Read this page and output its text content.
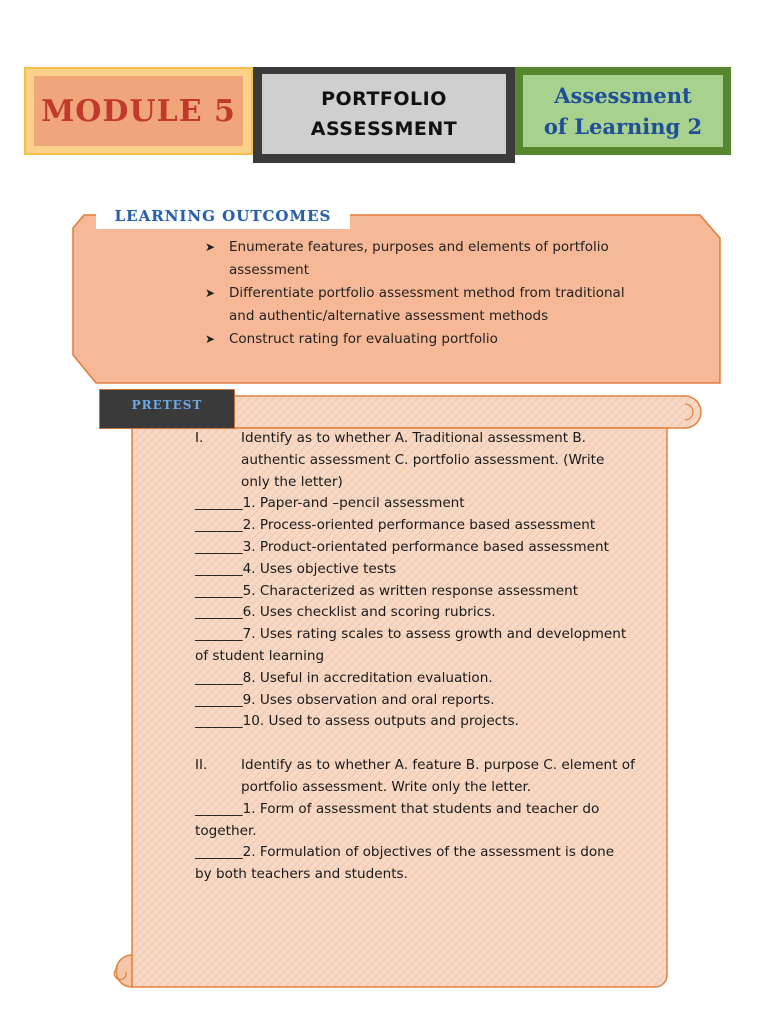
MODULE 5	PORTFOLIO
ASSESSMENT
Assessment
of Learning 2
LEARNING OUTCOMES
➤ Enumerate features, purposes and elements of portfolio assessment
➤ Differentiate portfolio assessment method from traditional and authentic/alternative assessment methods
➤ Construct rating for evaluating portfolio
PRETEST
I.	Identify as to whether A. Traditional assessment B. authentic assessment C. portfolio assessment. (Write only the letter)
_______1. Paper-and –pencil assessment
_______2. Process-oriented performance based assessment
_______3. Product-orientated performance based assessment
_______4. Uses objective tests
_______5. Characterized as written response assessment
_______6. Uses checklist and scoring rubrics.
_______7. Uses rating scales to assess growth and development of student learning
_______8. Useful in accreditation evaluation.
_______9. Uses observation and oral reports.
_______10. Used to assess outputs and projects.
II. Identify as to whether A. feature B. purpose C. element of portfolio assessment. Write only the letter.
_______1. Form of assessment that students and teacher do together.
_______2. Formulation of objectives of the assessment is done by both teachers and students.
